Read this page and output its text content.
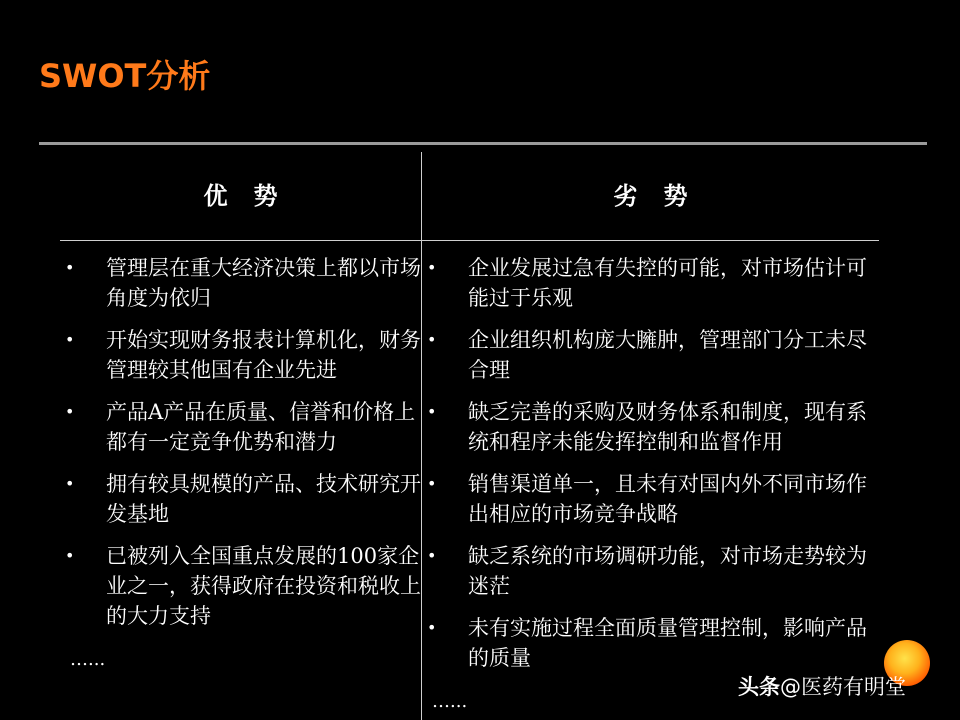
SWOT分析
优势	劣势
• 管理层在重大经济决策上都以市场角度为依归
• 开始实现财务报表计算机化，财务管理较其他国有企业先进
• 产品A产品在质量、信誉和价格上都有一定竞争优势和潜力
• 拥有较具规模的产品、技术研究开发基地
• 已被列入全国重点发展的100家企业之一，获得政府在投资和税收上的大力支持
…...
• 企业发展过急有失控的可能，对市场估计可能过于乐观
• 企业组织机构庞大臃肿，管理部门分工未尽合理
• 缺乏完善的采购及财务体系和制度，现有系统和程序未能发挥控制和监督作用
• 销售渠道单一，且未有对国内外不同市场作出相应的市场竞争战略
• 缺乏系统的市场调研功能，对市场走势较为迷茫
• 未有实施过程全面质量管理控制，影响产品的质量
…...
头条@医药有明堂
